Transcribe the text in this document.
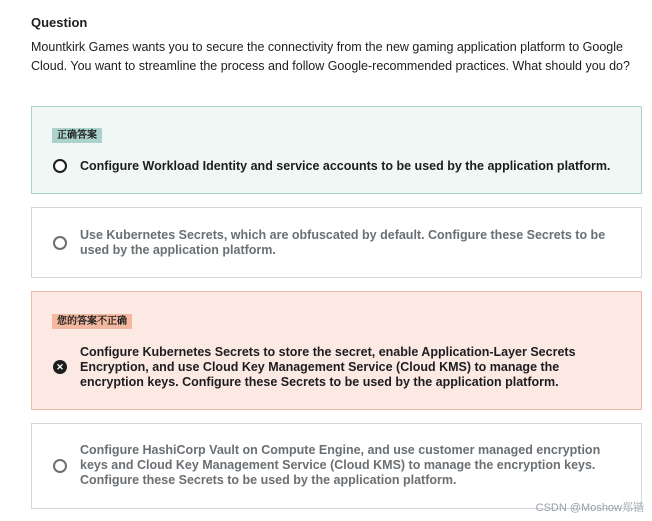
Question
Mountkirk Games wants you to secure the connectivity from the new gaming application platform to Google Cloud. You want to streamline the process and follow Google-recommended practices. What should you do?
正确答案
Configure Workload Identity and service accounts to be used by the application platform.
Use Kubernetes Secrets, which are obfuscated by default. Configure these Secrets to be used by the application platform.
您的答案不正确
✕
Configure Kubernetes Secrets to store the secret, enable Application-Layer Secrets Encryption, and use Cloud Key Management Service (Cloud KMS) to manage the encryption keys. Configure these Secrets to be used by the application platform.
Configure HashiCorp Vault on Compute Engine, and use customer managed encryption keys and Cloud Key Management Service (Cloud KMS) to manage the encryption keys. Configure these Secrets to be used by the application platform.
CSDN @Moshow郑锴
